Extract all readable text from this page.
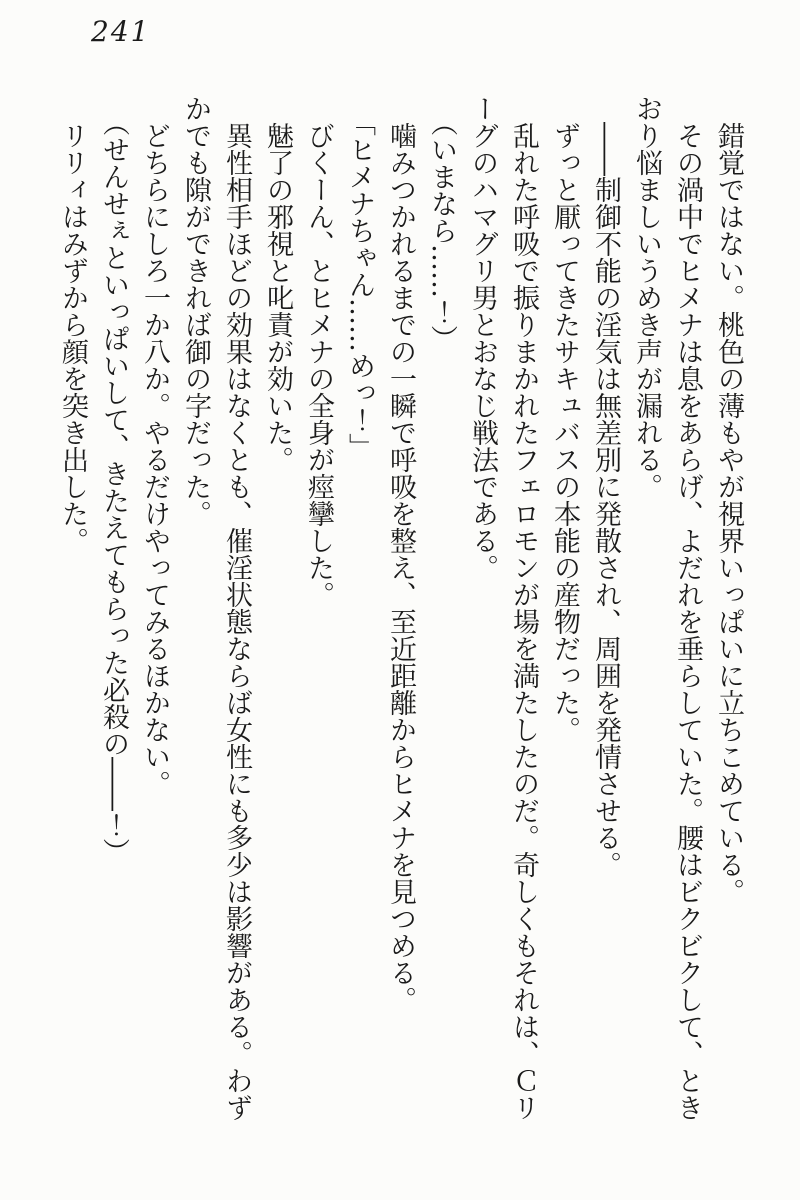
241

錯覚ではない。桃色の薄もやが視界いっぱいに立ちこめている。

その渦中でヒメナは息をあらげ、よだれを垂らしていた。腰はビクビクして、ときおり悩ましいうめき声が漏れる。

――制御不能の淫気は無差別に発散され、周囲を発情させる。

ずっと厭ってきたサキュバスの本能の産物だった。

乱れた呼吸で振りまかれたフェロモンが場を満たしたのだ。奇しくもそれは、Ｃリーグのハマグリ男とおなじ戦法である。

（いまなら……！）

噛みつかれるまでの一瞬で呼吸を整え、至近距離からヒメナを見つめる。

「ヒメナちゃん……めっ！」

びくーん、とヒメナの全身が痙攣した。

魅了の邪視と叱責が効いた。

異性相手ほどの効果はなくとも、催淫状態ならば女性にも多少は影響がある。わずかでも隙ができれば御の字だった。

どちらにしろ一か八か。やるだけやってみるほかない。

（せんせぇといっぱいして、きたえてもらった必殺の――！）

リリィはみずから顔を突き出した。
